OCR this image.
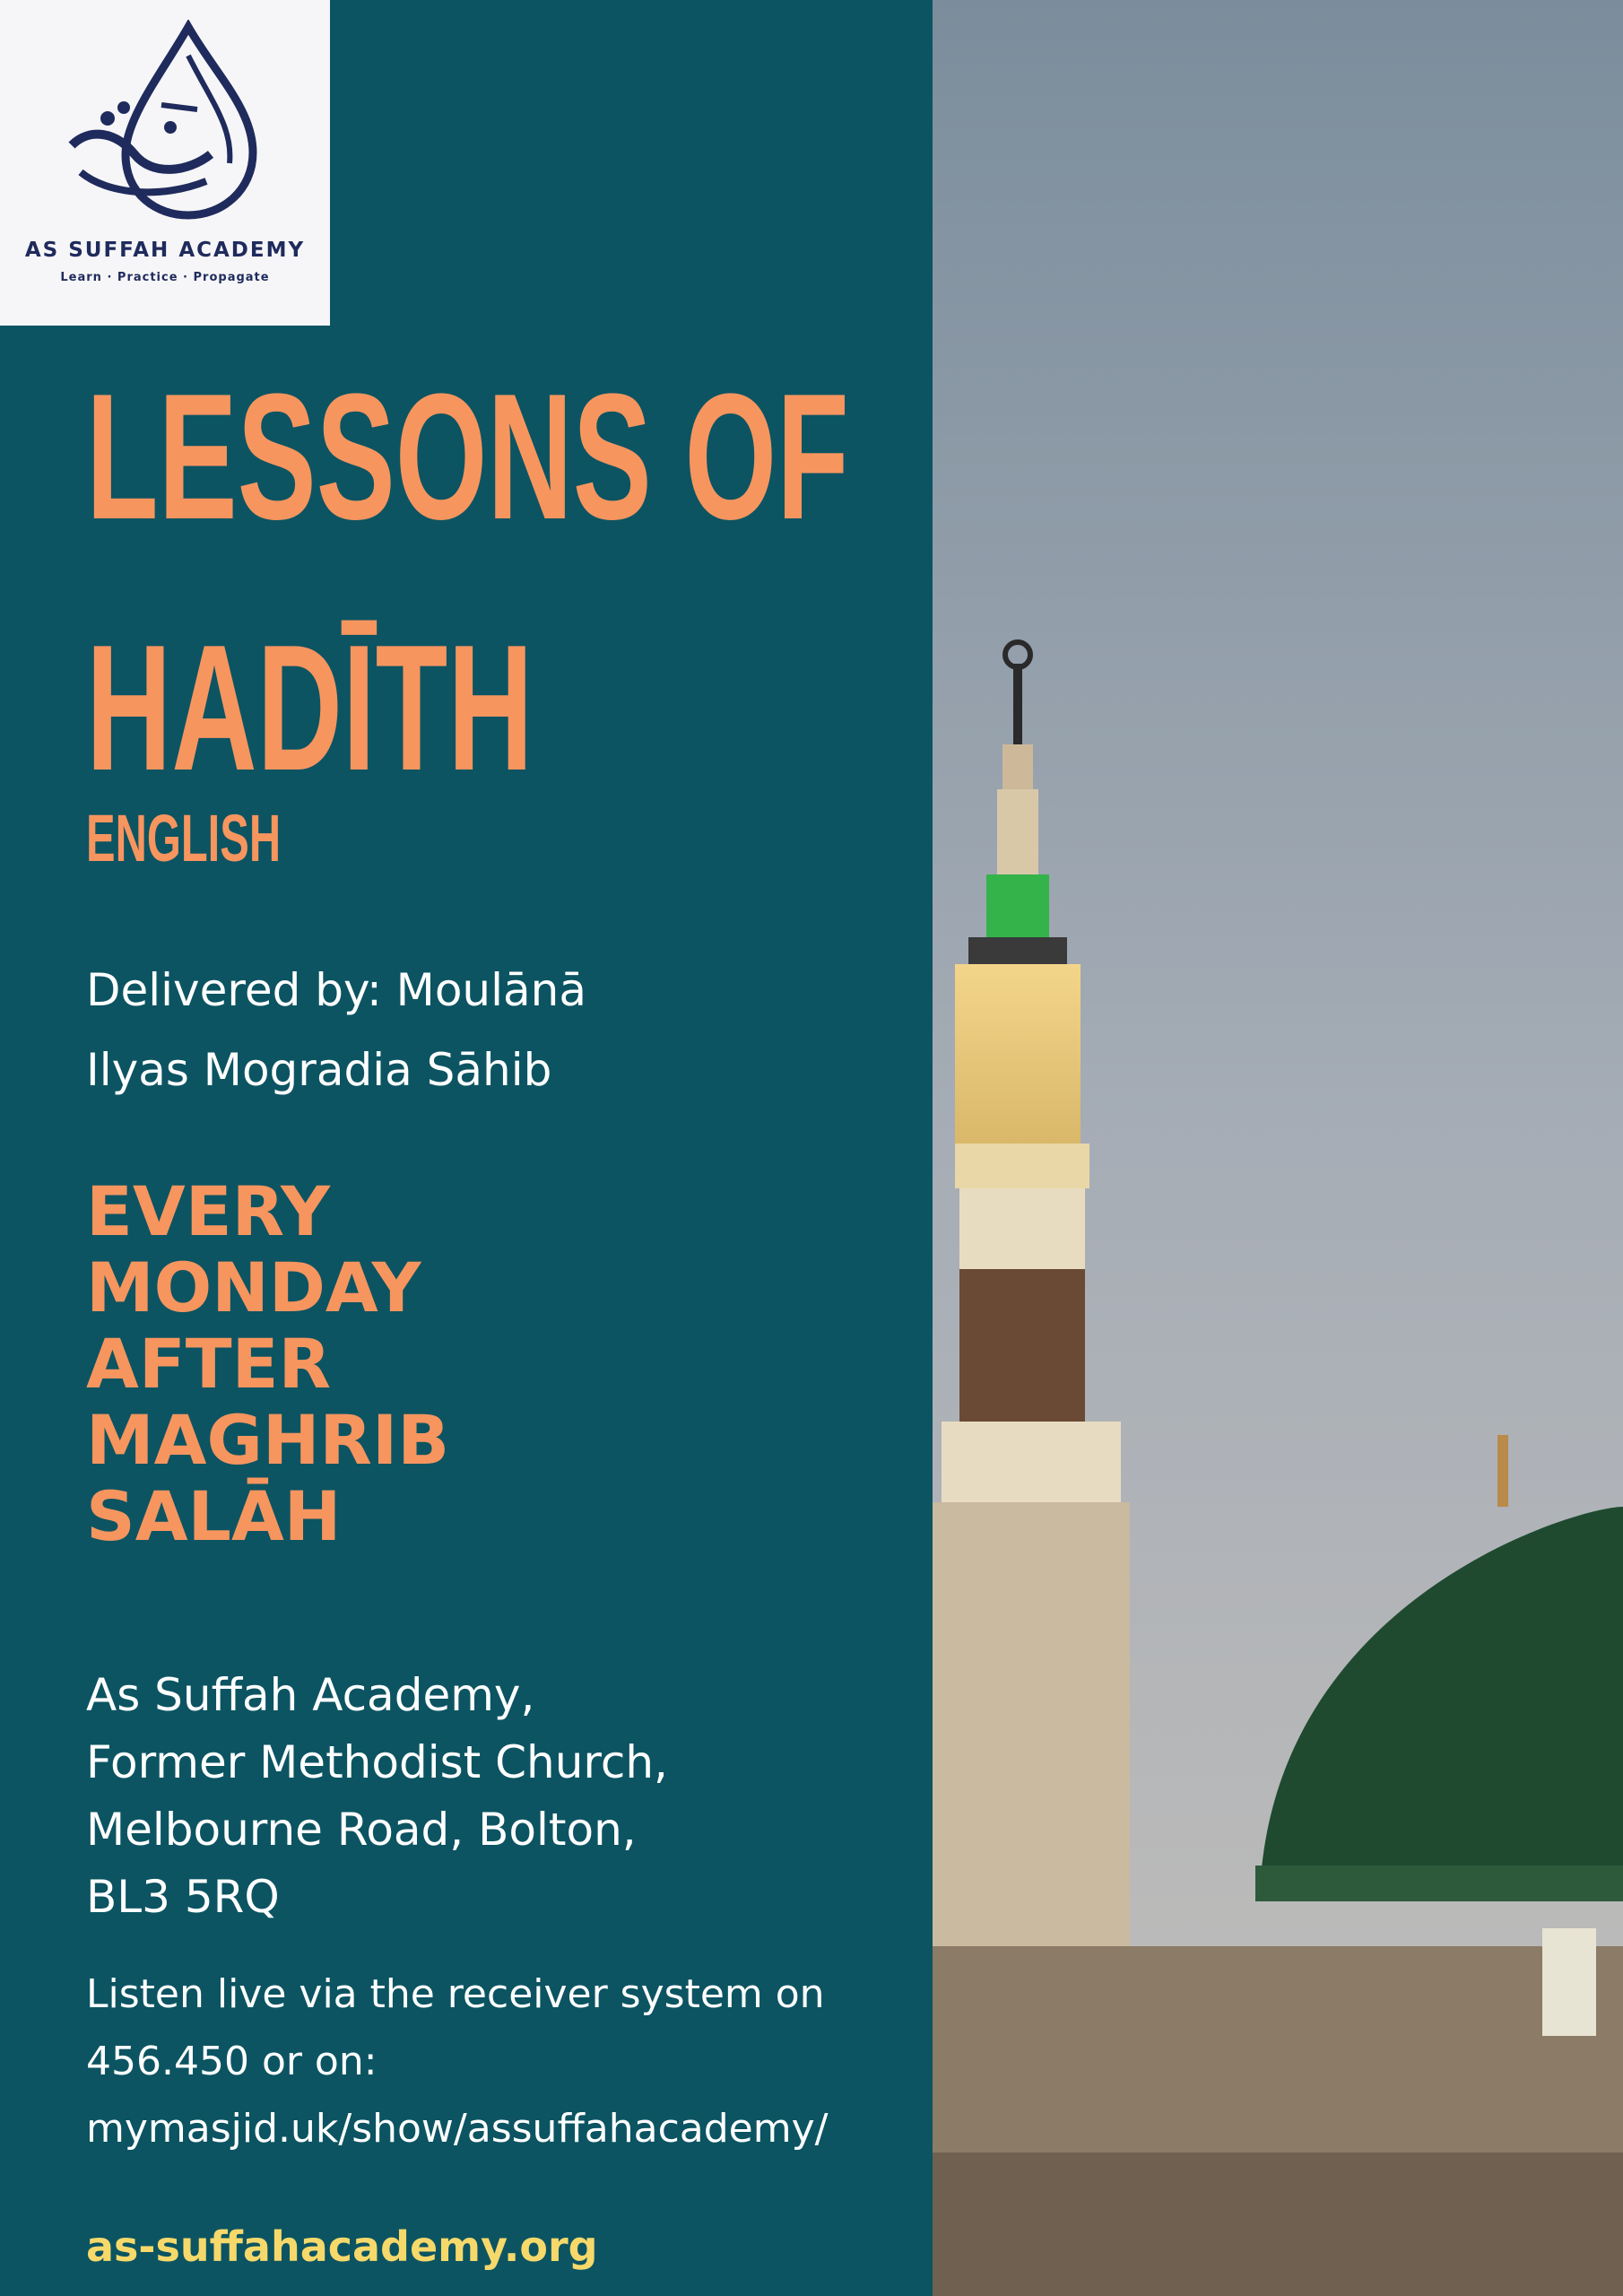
AS SUFFAH ACADEMY
Learn · Practice · Propagate
LESSONS OF
HADĪTH
ENGLISH
Delivered by: Moulānā
Ilyas Mogradia Sāhib
EVERY
MONDAY
AFTER
MAGHRIB
SALĀH
As Suffah Academy,
Former Methodist Church,
Melbourne Road, Bolton,
BL3 5RQ
Listen live via the receiver system on
456.450 or on:
mymasjid.uk/show/assuffahacademy/
as-suffahacademy.org
